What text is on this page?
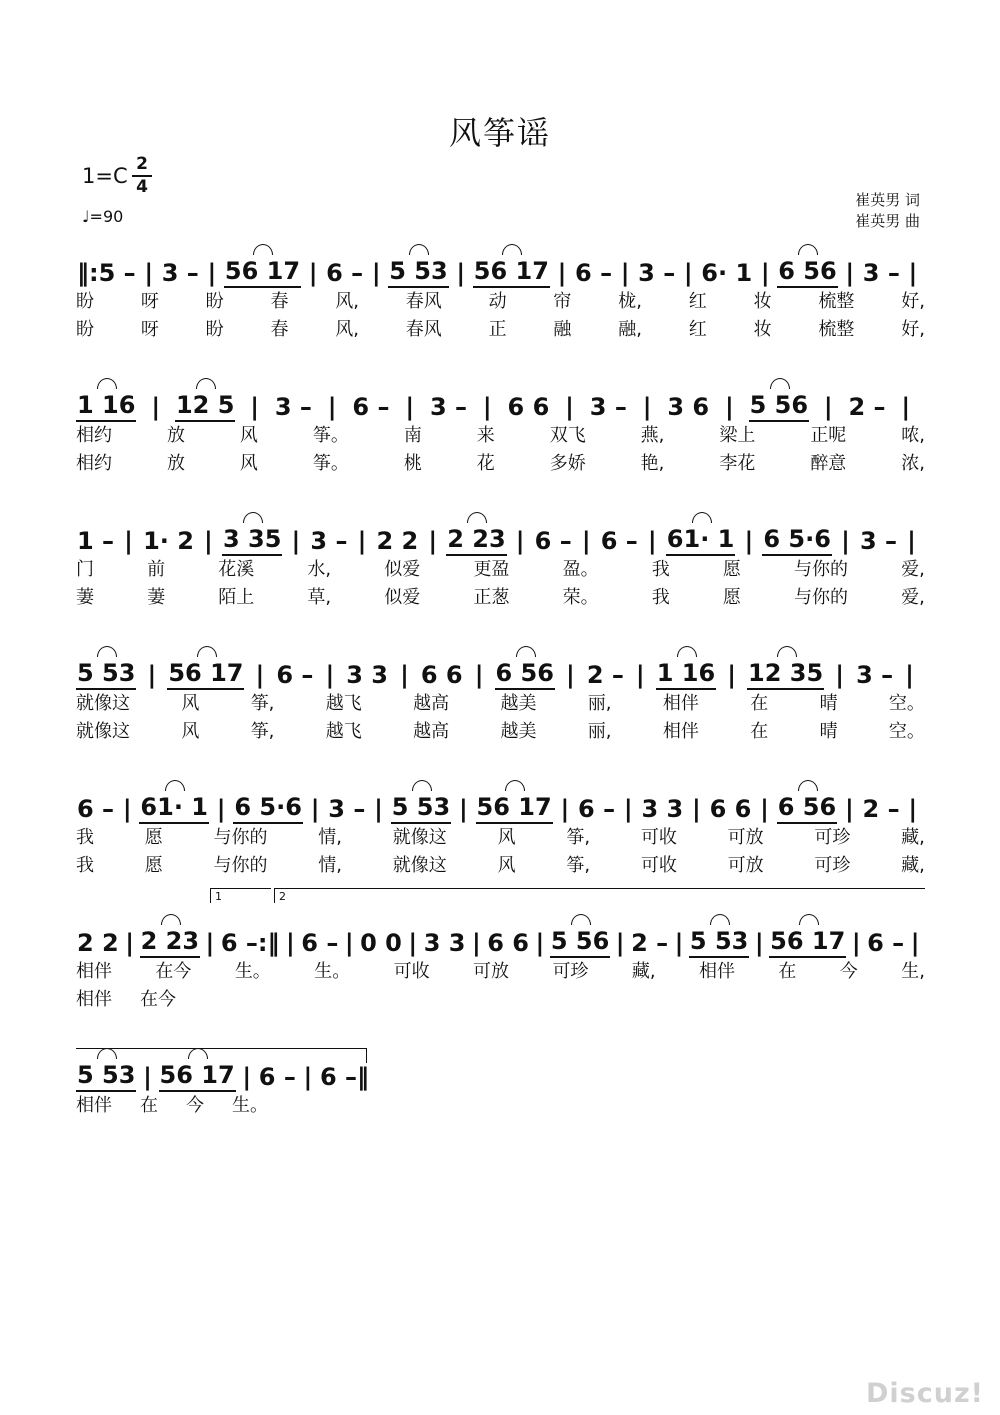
风筝谣
1=C 2
4
♩=90
崔英男 词
崔英男 曲
‖:5 – | 3 – | 56 17 | 6 – | 5 53 | 56 17 | 6 – | 3 – | 6· 1 | 6 56 | 3 – |
盼	呀	盼	春	风,	春风	动	帘	栊,	红	妆	梳整	好,
盼	呀	盼	春	风,	春风	正	融	融,	红	妆	梳整	好,
1 16 | 12 5 | 3 – | 6 – | 3 – | 6 6 | 3 – | 3 6 | 5 56 | 2 – |
相约	放	风	筝。	南	来	双飞	燕,	梁上	正呢	哝,
相约	放	风	筝。	桃	花	多娇	艳,	李花	醉意	浓,
1 – | 1· 2 | 3 35 | 3 – | 2 2 | 2 23 | 6 – | 6 – | 61· 1 | 6 5·6 | 3 – |
门	前	花溪	水,	似爱	更盈	盈。	我	愿	与你的	爱,
萋	萋	陌上	草,	似爱	正葱	荣。	我	愿	与你的	爱,
5 53 | 56 17 | 6 – | 3 3 | 6 6 | 6 56 | 2 – | 1 16 | 12 35 | 3 – |
就像这	风	筝,	越飞	越高	越美	丽,	相伴	在	晴	空。
就像这	风	筝,	越飞	越高	越美	丽,	相伴	在	晴	空。
6 – | 61· 1 | 6 5·6 | 3 – | 5 53 | 56 17 | 6 – | 3 3 | 6 6 | 6 56 | 2 – |
我	愿	与你的	情,	就像这	风	筝,	可收	可放	可珍	藏,
我	愿	与你的	情,	就像这	风	筝,	可收	可放	可珍	藏,
2 2 | 2 23 | 6 –:‖ | 6 – | 0 0 | 3 3 | 6 6 | 5 56 | 2 – | 5 53 | 56 17 | 6 – |
1	2
相伴 在今 生。 生。 可收 可放 可珍 藏, 相伴 在 今 生,
相伴 在今
5 53 | 56 17 | 6 – | 6 –‖
相伴 在 今 生。
Discuz!
